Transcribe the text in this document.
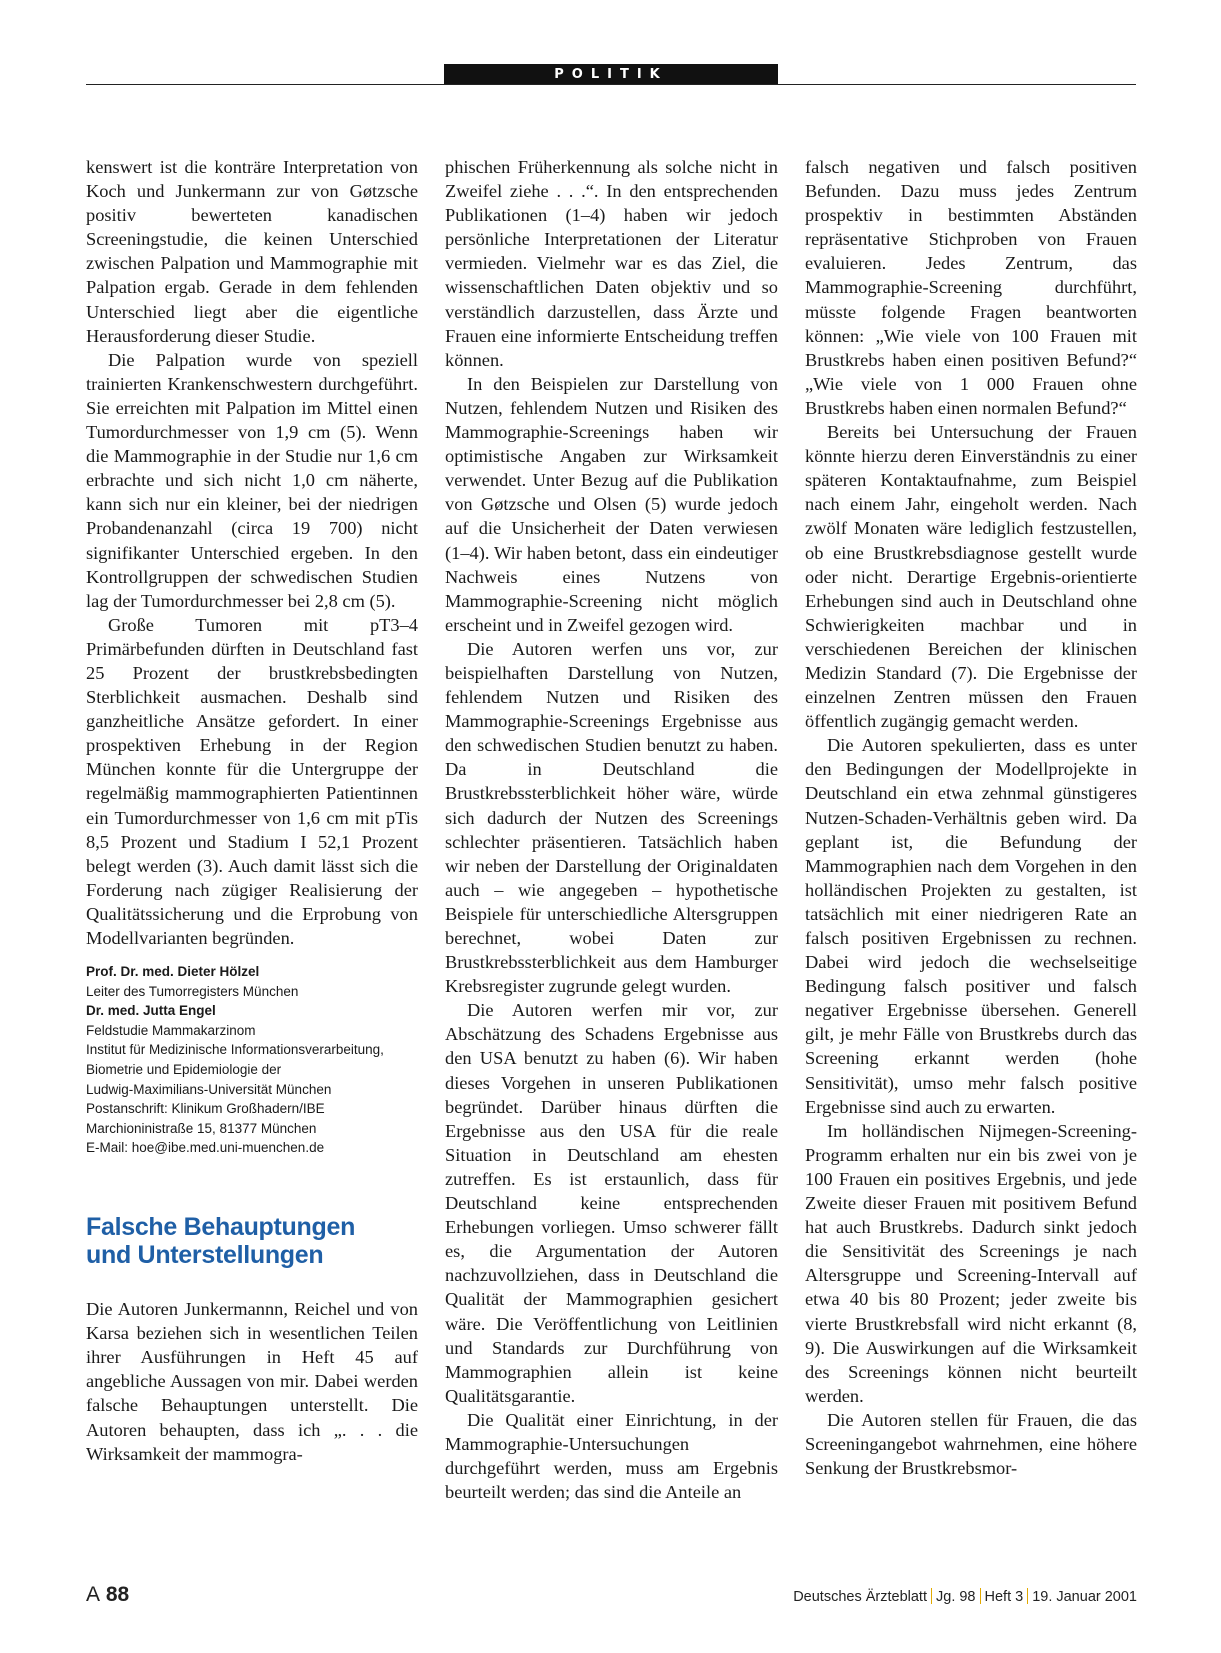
POLITIK

kenswert ist die konträre Interpretation von Koch und Junkermann zur von Gøtzsche positiv bewerteten kanadischen Screeningstudie, die keinen Unterschied zwischen Palpation und Mammographie mit Palpation ergab. Gerade in dem fehlenden Unterschied liegt aber die eigentliche Herausforderung dieser Studie.

Die Palpation wurde von speziell trainierten Krankenschwestern durchgeführt. Sie erreichten mit Palpation im Mittel einen Tumordurchmesser von 1,9 cm (5). Wenn die Mammographie in der Studie nur 1,6 cm erbrachte und sich nicht 1,0 cm näherte, kann sich nur ein kleiner, bei der niedrigen Probandenanzahl (circa 19 700) nicht signifikanter Unterschied ergeben. In den Kontrollgruppen der schwedischen Studien lag der Tumordurchmesser bei 2,8 cm (5).

Große Tumoren mit pT3–4 Primärbefunden dürften in Deutschland fast 25 Prozent der brustkrebsbedingten Sterblichkeit ausmachen. Deshalb sind ganzheitliche Ansätze gefordert. In einer prospektiven Erhebung in der Region München konnte für die Untergruppe der regelmäßig mammographierten Patientinnen ein Tumordurchmesser von 1,6 cm mit pTis 8,5 Prozent und Stadium I 52,1 Prozent belegt werden (3). Auch damit lässt sich die Forderung nach zügiger Realisierung der Qualitätssicherung und die Erprobung von Modellvarianten begründen.

Prof. Dr. med. Dieter Hölzel
Leiter des Tumorregisters München
Dr. med. Jutta Engel
Feldstudie Mammakarzinom
Institut für Medizinische Informationsverarbeitung,
Biometrie und Epidemiologie der
Ludwig-Maximilians-Universität München
Postanschrift: Klinikum Großhadern/IBE
Marchioninistraße 15, 81377 München
E-Mail: hoe@ibe.med.uni-muenchen.de
Falsche Behauptungen
und Unterstellungen

Die Autoren Junkermannn, Reichel und von Karsa beziehen sich in wesentlichen Teilen ihrer Ausführungen in Heft 45 auf angebliche Aussagen von mir. Dabei werden falsche Behauptungen unterstellt. Die Autoren behaupten, dass ich „. . . die Wirksamkeit der mammogra-

phischen Früherkennung als solche nicht in Zweifel ziehe . . .“. In den entsprechenden Publikationen (1–4) haben wir jedoch persönliche Interpretationen der Literatur vermieden. Vielmehr war es das Ziel, die wissenschaftlichen Daten objektiv und so verständlich darzustellen, dass Ärzte und Frauen eine informierte Entscheidung treffen können.

In den Beispielen zur Darstellung von Nutzen, fehlendem Nutzen und Risiken des Mammographie-Screenings haben wir optimistische Angaben zur Wirksamkeit verwendet. Unter Bezug auf die Publikation von Gøtzsche und Olsen (5) wurde jedoch auf die Unsicherheit der Daten verwiesen (1–4). Wir haben betont, dass ein eindeutiger Nachweis eines Nutzens von Mammographie-Screening nicht möglich erscheint und in Zweifel gezogen wird.

Die Autoren werfen uns vor, zur beispielhaften Darstellung von Nutzen, fehlendem Nutzen und Risiken des Mammographie-Screenings Ergebnisse aus den schwedischen Studien benutzt zu haben. Da in Deutschland die Brustkrebssterblichkeit höher wäre, würde sich dadurch der Nutzen des Screenings schlechter präsentieren. Tatsächlich haben wir neben der Darstellung der Originaldaten auch – wie angegeben – hypothetische Beispiele für unterschiedliche Altersgruppen berechnet, wobei Daten zur Brustkrebssterblichkeit aus dem Hamburger Krebsregister zugrunde gelegt wurden.

Die Autoren werfen mir vor, zur Abschätzung des Schadens Ergebnisse aus den USA benutzt zu haben (6). Wir haben dieses Vorgehen in unseren Publikationen begründet. Darüber hinaus dürften die Ergebnisse aus den USA für die reale Situation in Deutschland am ehesten zutreffen. Es ist erstaunlich, dass für Deutschland keine entsprechenden Erhebungen vorliegen. Umso schwerer fällt es, die Argumentation der Autoren nachzuvollziehen, dass in Deutschland die Qualität der Mammographien gesichert wäre. Die Veröffentlichung von Leitlinien und Standards zur Durchführung von Mammographien allein ist keine Qualitätsgarantie.

Die Qualität einer Einrichtung, in der Mammographie-Untersuchungen durchgeführt werden, muss am Ergebnis beurteilt werden; das sind die Anteile an

falsch negativen und falsch positiven Befunden. Dazu muss jedes Zentrum prospektiv in bestimmten Abständen repräsentative Stichproben von Frauen evaluieren. Jedes Zentrum, das Mammographie-Screening durchführt, müsste folgende Fragen beantworten können: „Wie viele von 100 Frauen mit Brustkrebs haben einen positiven Befund?“ „Wie viele von 1 000 Frauen ohne Brustkrebs haben einen normalen Befund?“

Bereits bei Untersuchung der Frauen könnte hierzu deren Einverständnis zu einer späteren Kontaktaufnahme, zum Beispiel nach einem Jahr, eingeholt werden. Nach zwölf Monaten wäre lediglich festzustellen, ob eine Brustkrebsdiagnose gestellt wurde oder nicht. Derartige Ergebnis-orientierte Erhebungen sind auch in Deutschland ohne Schwierigkeiten machbar und in verschiedenen Bereichen der klinischen Medizin Standard (7). Die Ergebnisse der einzelnen Zentren müssen den Frauen öffentlich zugängig gemacht werden.

Die Autoren spekulierten, dass es unter den Bedingungen der Modellprojekte in Deutschland ein etwa zehnmal günstigeres Nutzen-Schaden-Verhältnis geben wird. Da geplant ist, die Befundung der Mammographien nach dem Vorgehen in den holländischen Projekten zu gestalten, ist tatsächlich mit einer niedrigeren Rate an falsch positiven Ergebnissen zu rechnen. Dabei wird jedoch die wechselseitige Bedingung falsch positiver und falsch negativer Ergebnisse übersehen. Generell gilt, je mehr Fälle von Brustkrebs durch das Screening erkannt werden (hohe Sensitivität), umso mehr falsch positive Ergebnisse sind auch zu erwarten.

Im holländischen Nijmegen-Screening-Programm erhalten nur ein bis zwei von je 100 Frauen ein positives Ergebnis, und jede Zweite dieser Frauen mit positivem Befund hat auch Brustkrebs. Dadurch sinkt jedoch die Sensitivität des Screenings je nach Altersgruppe und Screening-Intervall auf etwa 40 bis 80 Prozent; jeder zweite bis vierte Brustkrebsfall wird nicht erkannt (8, 9). Die Auswirkungen auf die Wirksamkeit des Screenings können nicht beurteilt werden.

Die Autoren stellen für Frauen, die das Screeningangebot wahrnehmen, eine höhere Senkung der Brustkrebsmor-

A 88	Deutsches Ärzteblatt Jg. 98 Heft 3 19. Januar 2001
